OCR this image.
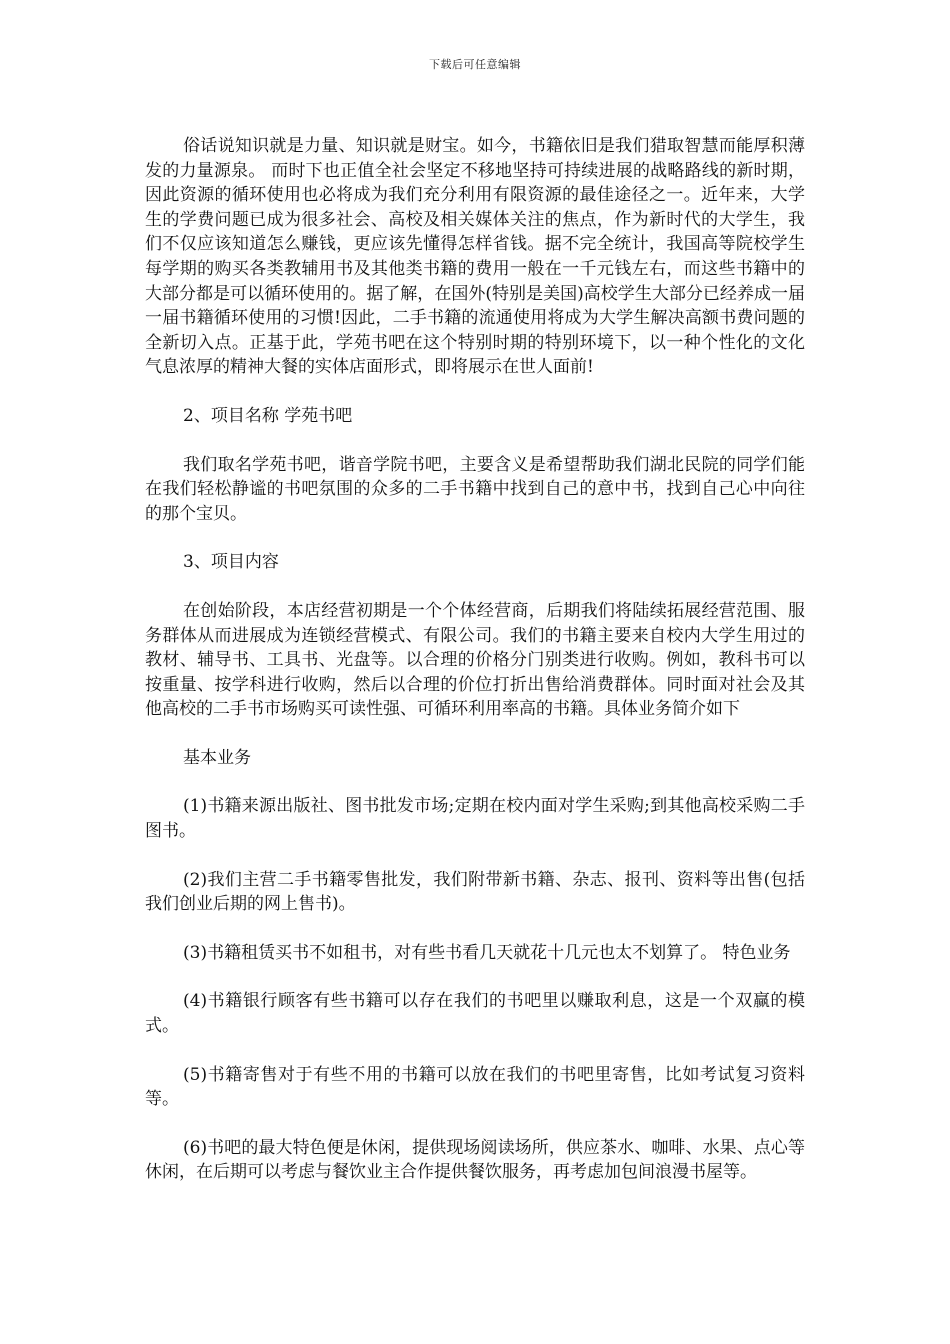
下载后可任意编辑

俗话说知识就是力量、知识就是财宝。如今，书籍依旧是我们猎取智慧而能厚积薄发的力量源泉。 而时下也正值全社会坚定不移地坚持可持续进展的战略路线的新时期，因此资源的循环使用也必将成为我们充分利用有限资源的最佳途径之一。近年来，大学生的学费问题已成为很多社会、高校及相关媒体关注的焦点，作为新时代的大学生，我们不仅应该知道怎么赚钱，更应该先懂得怎样省钱。据不完全统计，我国高等院校学生每学期的购买各类教辅用书及其他类书籍的费用一般在一千元钱左右，而这些书籍中的大部分都是可以循环使用的。据了解，在国外(特别是美国)高校学生大部分已经养成一届一届书籍循环使用的习惯!因此，二手书籍的流通使用将成为大学生解决高额书费问题的全新切入点。正基于此，学苑书吧在这个特别时期的特别环境下，以一种个性化的文化气息浓厚的精神大餐的实体店面形式，即将展示在世人面前!

2、项目名称 学苑书吧

我们取名学苑书吧，谐音学院书吧，主要含义是希望帮助我们湖北民院的同学们能在我们轻松静谧的书吧氛围的众多的二手书籍中找到自己的意中书，找到自己心中向往的那个宝贝。

3、项目内容

在创始阶段，本店经营初期是一个个体经营商，后期我们将陆续拓展经营范围、服务群体从而进展成为连锁经营模式、有限公司。我们的书籍主要来自校内大学生用过的教材、辅导书、工具书、光盘等。以合理的价格分门别类进行收购。例如，教科书可以按重量、按学科进行收购，然后以合理的价位打折出售给消费群体。同时面对社会及其他高校的二手书市场购买可读性强、可循环利用率高的书籍。具体业务简介如下

基本业务

(1)书籍来源出版社、图书批发市场;定期在校内面对学生采购;到其他高校采购二手图书。

(2)我们主营二手书籍零售批发，我们附带新书籍、杂志、报刊、资料等出售(包括我们创业后期的网上售书)。

(3)书籍租赁买书不如租书，对有些书看几天就花十几元也太不划算了。 特色业务

(4)书籍银行顾客有些书籍可以存在我们的书吧里以赚取利息，这是一个双赢的模式。

(5)书籍寄售对于有些不用的书籍可以放在我们的书吧里寄售，比如考试复习资料等。

(6)书吧的最大特色便是休闲，提供现场阅读场所，供应茶水、咖啡、水果、点心等休闲，在后期可以考虑与餐饮业主合作提供餐饮服务，再考虑加包间浪漫书屋等。
